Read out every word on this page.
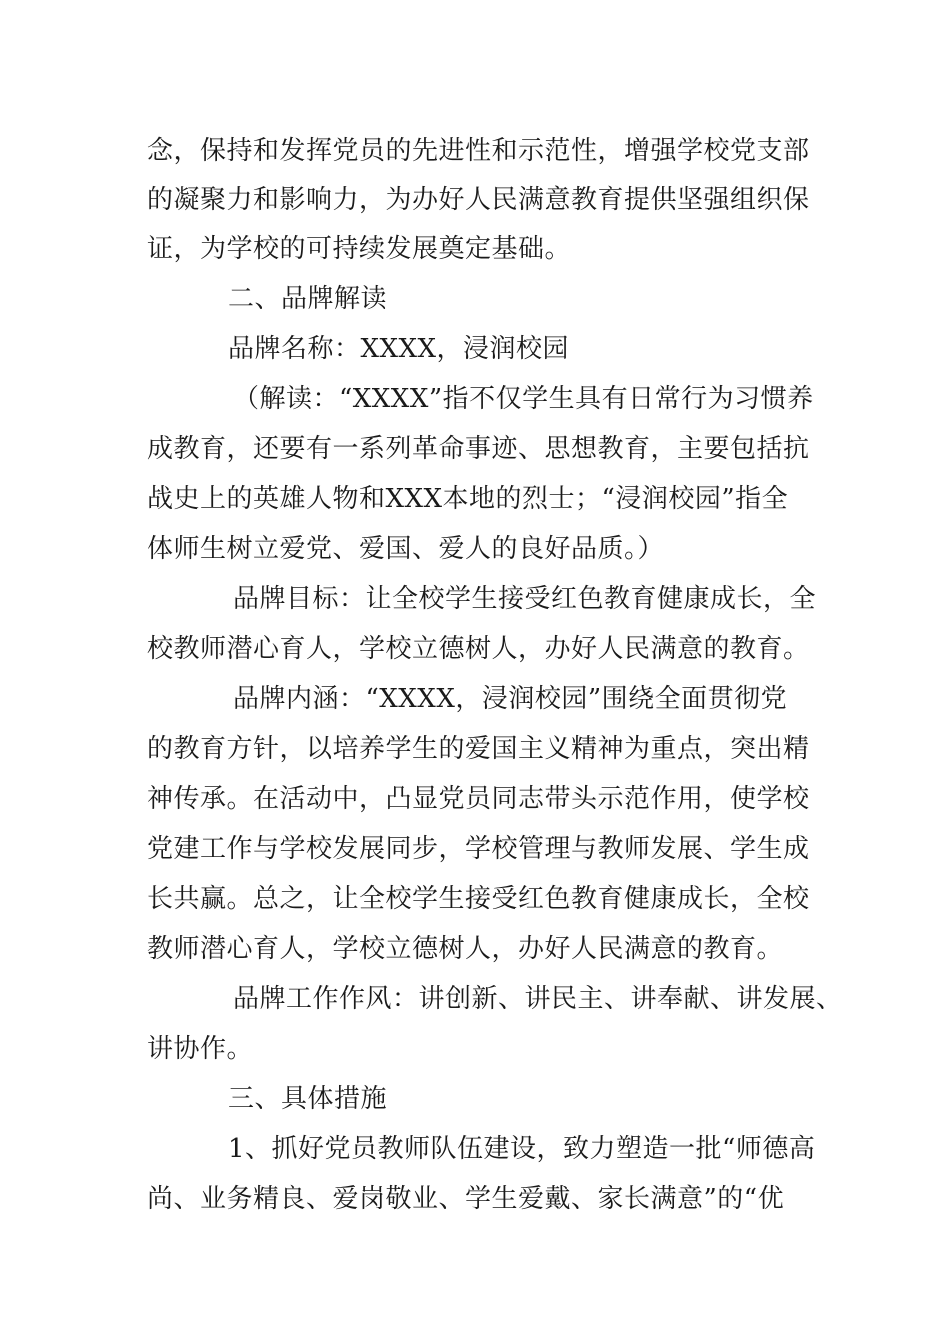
念，保持和发挥党员的先进性和示范性，增强学校党支部
的凝聚力和影响力，为办好人民满意教育提供坚强组织保
证，为学校的可持续发展奠定基础。
二、品牌解读
品牌名称：XXXX，浸润校园
（解读：“XXXX”指不仅学生具有日常行为习惯养
成教育，还要有一系列革命事迹、思想教育，主要包括抗
战史上的英雄人物和XXX本地的烈士；“浸润校园”指全
体师生树立爱党、爱国、爱人的良好品质。）
品牌目标：让全校学生接受红色教育健康成长，全
校教师潜心育人，学校立德树人，办好人民满意的教育。
品牌内涵：“XXXX，浸润校园”围绕全面贯彻党
的教育方针，以培养学生的爱国主义精神为重点，突出精
神传承。在活动中，凸显党员同志带头示范作用，使学校
党建工作与学校发展同步，学校管理与教师发展、学生成
长共赢。总之，让全校学生接受红色教育健康成长，全校
教师潜心育人，学校立德树人，办好人民满意的教育。
品牌工作作风：讲创新、讲民主、讲奉献、讲发展、
讲协作。
三、具体措施
1、抓好党员教师队伍建设，致力塑造一批“师德高
尚、业务精良、爱岗敬业、学生爱戴、家长满意”的“优
